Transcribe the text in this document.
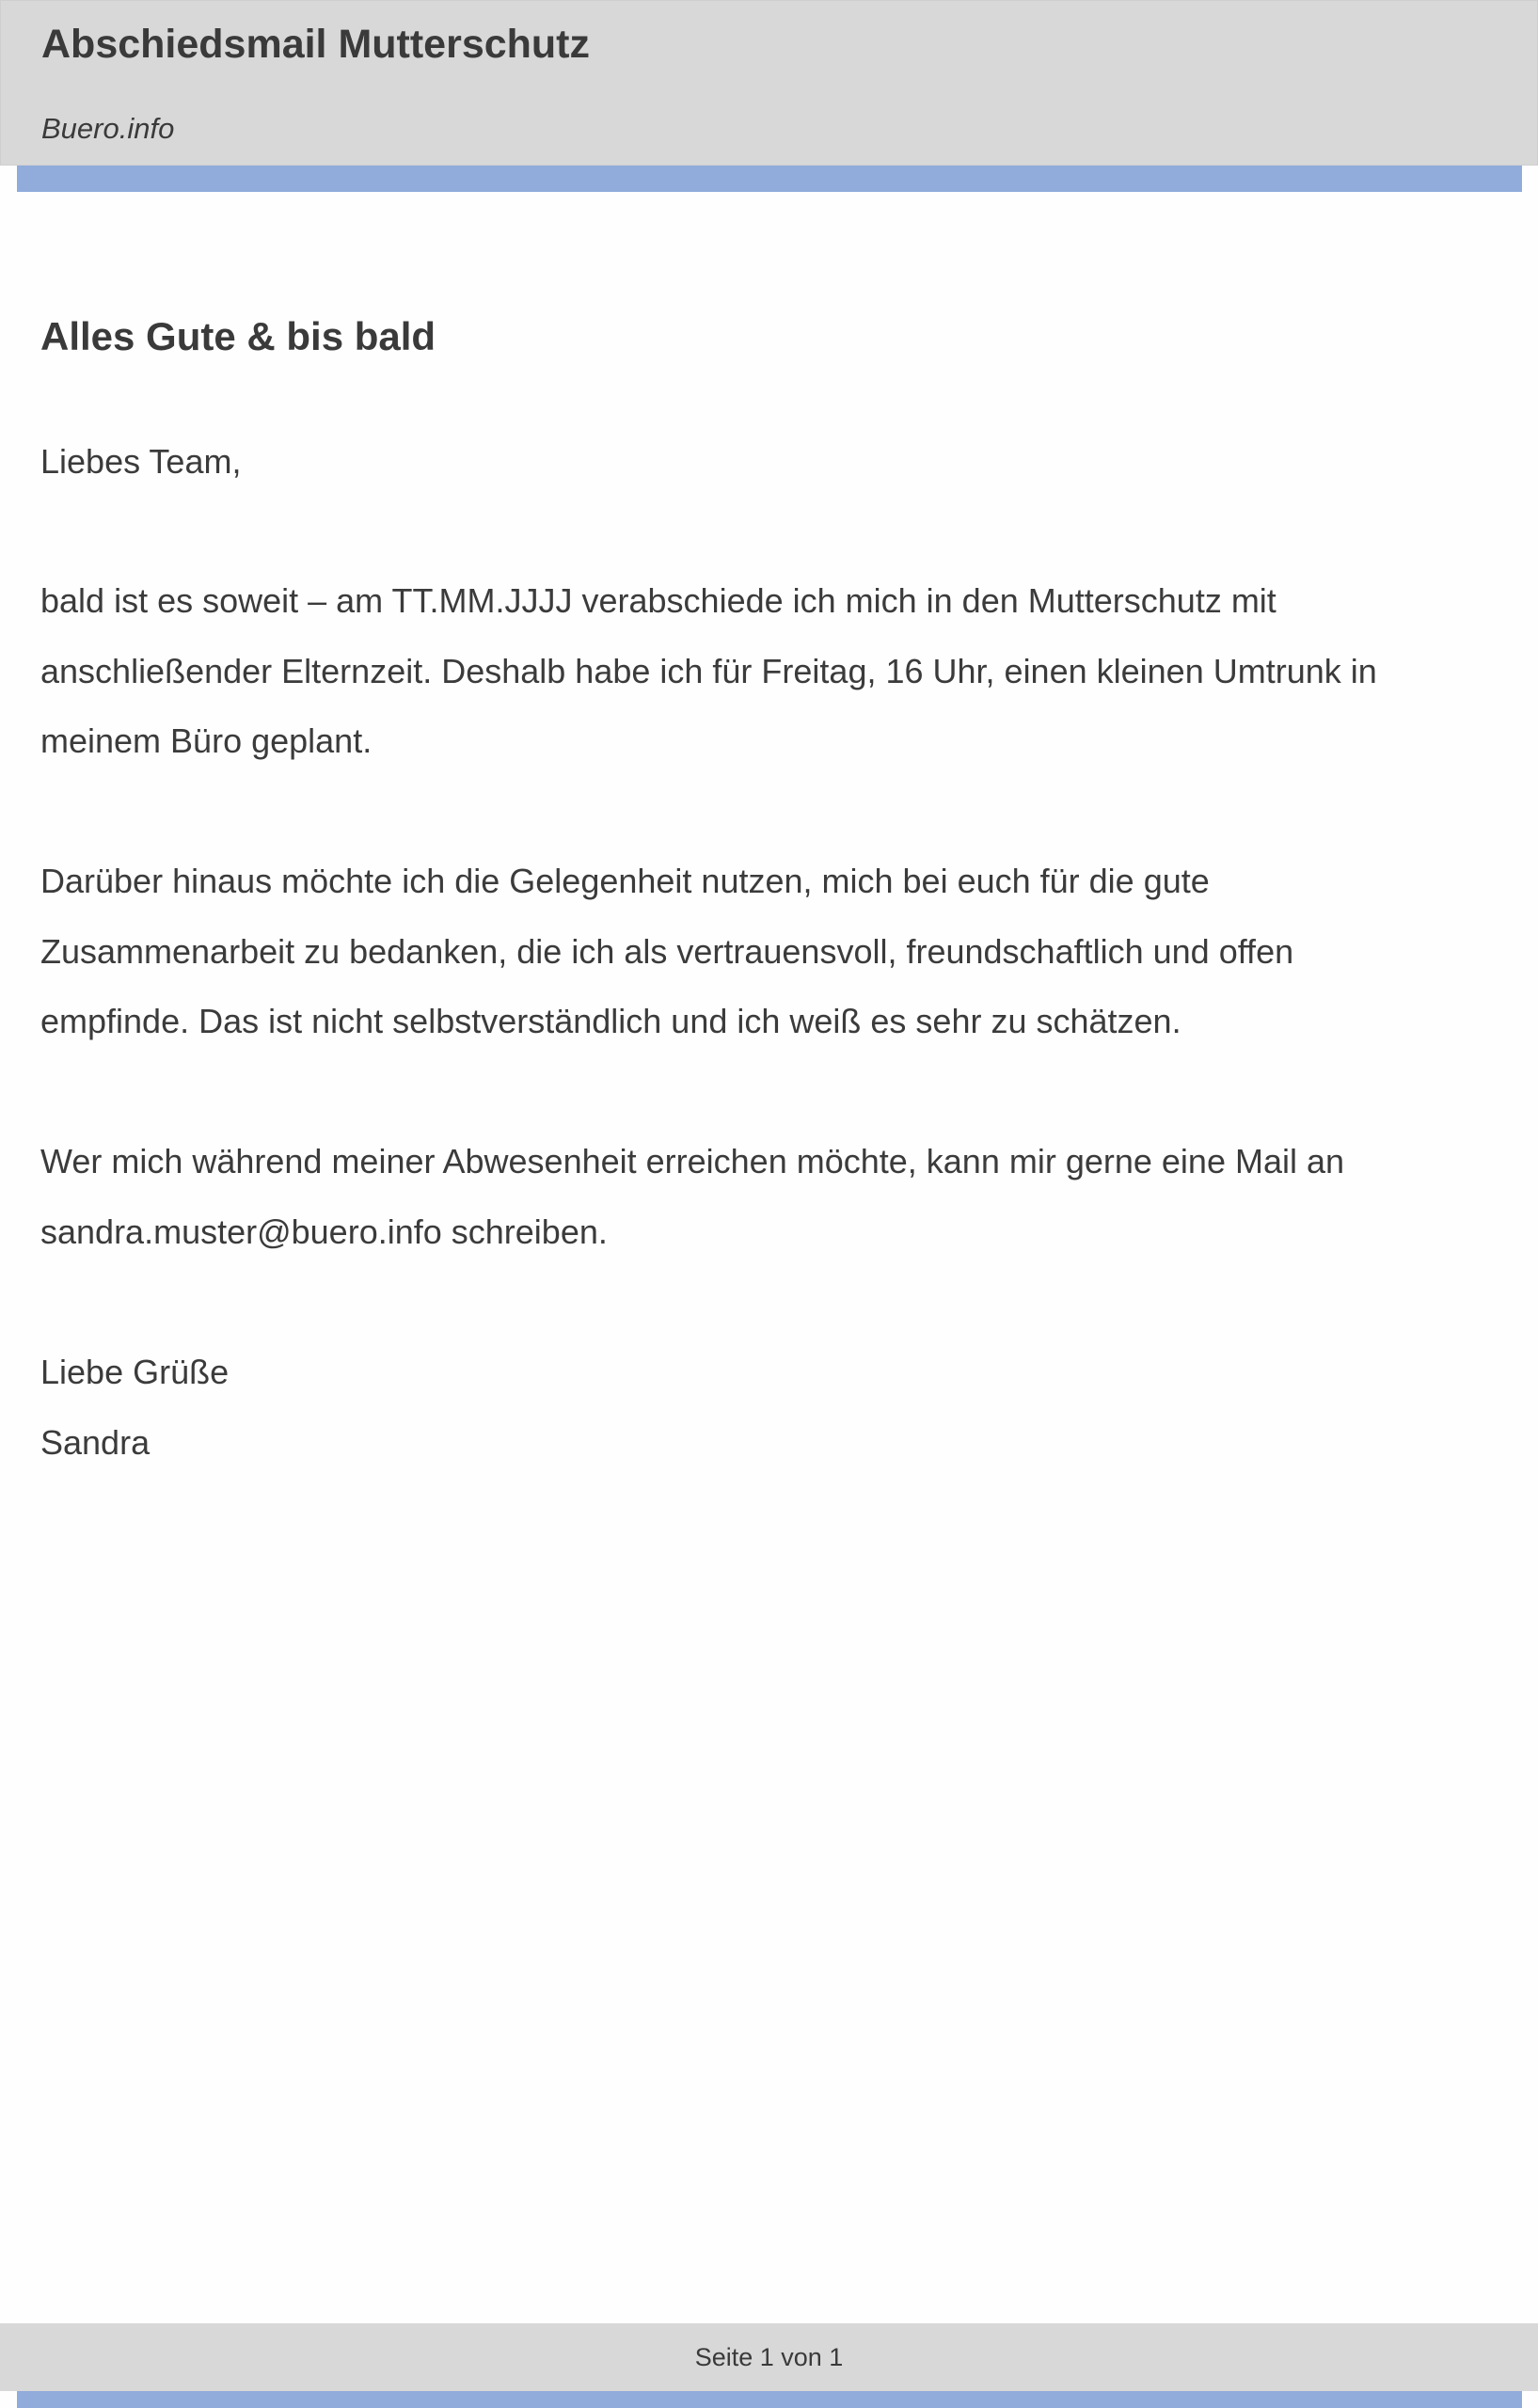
Abschiedsmail Mutterschutz
Buero.info
Alles Gute & bis bald

Liebes Team,

bald ist es soweit – am TT.MM.JJJJ verabschiede ich mich in den Mutterschutz mit
anschließender Elternzeit. Deshalb habe ich für Freitag, 16 Uhr, einen kleinen Umtrunk in
meinem Büro geplant.

Darüber hinaus möchte ich die Gelegenheit nutzen, mich bei euch für die gute
Zusammenarbeit zu bedanken, die ich als vertrauensvoll, freundschaftlich und offen
empfinde. Das ist nicht selbstverständlich und ich weiß es sehr zu schätzen.

Wer mich während meiner Abwesenheit erreichen möchte, kann mir gerne eine Mail an
sandra.muster@buero.info schreiben.

Liebe Grüße
Sandra

Seite 1 von 1
